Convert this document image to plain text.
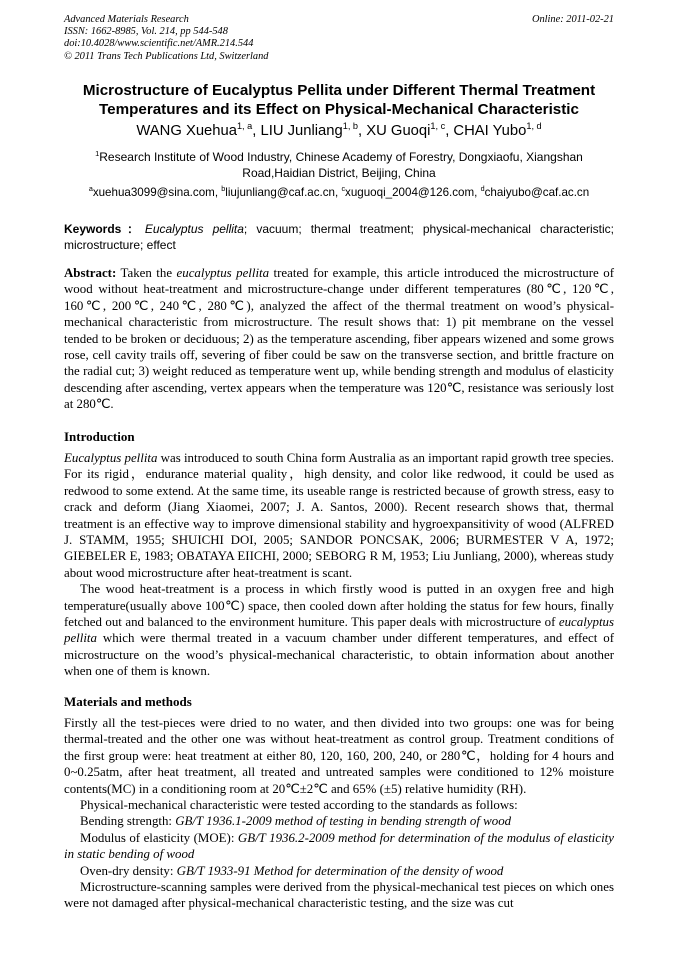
Advanced Materials Research
ISSN: 1662-8985, Vol. 214, pp 544-548
doi:10.4028/www.scientific.net/AMR.214.544
© 2011 Trans Tech Publications Ltd, Switzerland
Online: 2011-02-21
Microstructure of Eucalyptus Pellita under Different Thermal Treatment
Temperatures and its Effect on Physical-Mechanical Characteristic
WANG Xuehua$^{1, a}$, LIU Junliang$^{1, b}$, XU Guoqi$^{1, c}$, CHAI Yubo$^{1, d}$
$^1$Research Institute of Wood Industry, Chinese Academy of Forestry, Dongxiaofu, Xiangshan Road,Haidian District, Beijing, China
$^a$xuehua3099@sina.com, $^b$liujunliang@caf.ac.cn, $^c$xuguoqi_2004@126.com, $^d$chaiyubo@caf.ac.cn
Keywords：Eucalyptus pellita; vacuum; thermal treatment; physical-mechanical characteristic; microstructure; effect

Abstract: Taken the eucalyptus pellita treated for example, this article introduced the microstructure of wood without heat-treatment and microstructure-change under different temperatures (80℃, 120℃, 160℃, 200℃, 240℃, 280℃), analyzed the affect of the thermal treatment on wood’s physical-mechanical characteristic from microstructure. The result shows that: 1) pit membrane on the vessel tended to be broken or deciduous; 2) as the temperature ascending, fiber appears wizened and some grows rose, cell cavity trails off, severing of fiber could be saw on the transverse section, and brittle fracture on the radial cut; 3) weight reduced as temperature went up, while bending strength and modulus of elasticity descending after ascending, vertex appears when the temperature was 120℃, resistance was seriously lost at 280℃.

Introduction

Eucalyptus pellita was introduced to south China form Australia as an important rapid growth tree species. For its rigid，endurance material quality，high density, and color like redwood, it could be used as redwood to some extend. At the same time, its useable range is restricted because of growth stress, easy to crack and deform (Jiang Xiaomei, 2007; J. A. Santos, 2000). Recent research shows that, thermal treatment is an effective way to improve dimensional stability and hygroexpansitivity of wood (ALFRED J. STAMM, 1955; SHUICHI DOI, 2005; SANDOR PONCSAK, 2006; BURMESTER V A, 1972; GIEBELER E, 1983; OBATAYA EIICHI, 2000; SEBORG R M, 1953; Liu Junliang, 2000), whereas study about wood microstructure after heat-treatment is scant.

The wood heat-treatment is a process in which firstly wood is putted in an oxygen free and high temperature(usually above 100℃) space, then cooled down after holding the status for few hours, finally fetched out and balanced to the environment humiture. This paper deals with microstructure of eucalyptus pellita which were thermal treated in a vacuum chamber under different temperatures, and effect of microstructure on the wood’s physical-mechanical characteristic, to obtain information about another when one of them is known.

Materials and methods

Firstly all the test-pieces were dried to no water, and then divided into two groups: one was for being thermal-treated and the other one was without heat-treatment as control group. Treatment conditions of the first group were: heat treatment at either 80, 120, 160, 200, 240, or 280℃，holding for 4 hours and 0~0.25atm, after heat treatment, all treated and untreated samples were conditioned to 12% moisture contents(MC) in a conditioning room at 20℃±2℃ and 65% (±5) relative humidity (RH).

Physical-mechanical characteristic were tested according to the standards as follows:

Bending strength: GB/T 1936.1-2009 method of testing in bending strength of wood

Modulus of elasticity (MOE): GB/T 1936.2-2009 method for determination of the modulus of elasticity in static bending of wood

Oven-dry density: GB/T 1933-91 Method for determination of the density of wood

Microstructure-scanning samples were derived from the physical-mechanical test pieces on which ones were not damaged after physical-mechanical characteristic testing, and the size was cut
